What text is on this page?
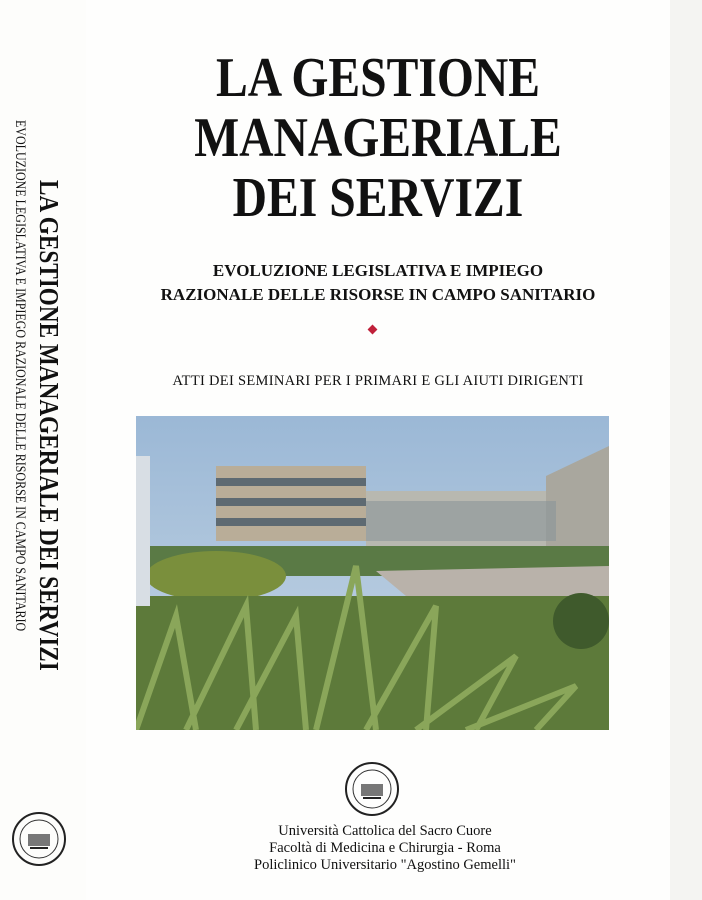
LA GESTIONE MANAGERIALE DEI SERVIZI
EVOLUZIONE LEGISLATIVA E IMPIEGO RAZIONALE DELLE RISORSE IN CAMPO SANITARIO
LA GESTIONE
MANAGERIALE
DEI SERVIZI
EVOLUZIONE LEGISLATIVA E IMPIEGO
RAZIONALE DELLE RISORSE IN CAMPO SANITARIO
ATTI DEI SEMINARI PER I PRIMARI E GLI AIUTI DIRIGENTI
Università Cattolica del Sacro Cuore
Facoltà di Medicina e Chirurgia - Roma
Policlinico Universitario "Agostino Gemelli"
